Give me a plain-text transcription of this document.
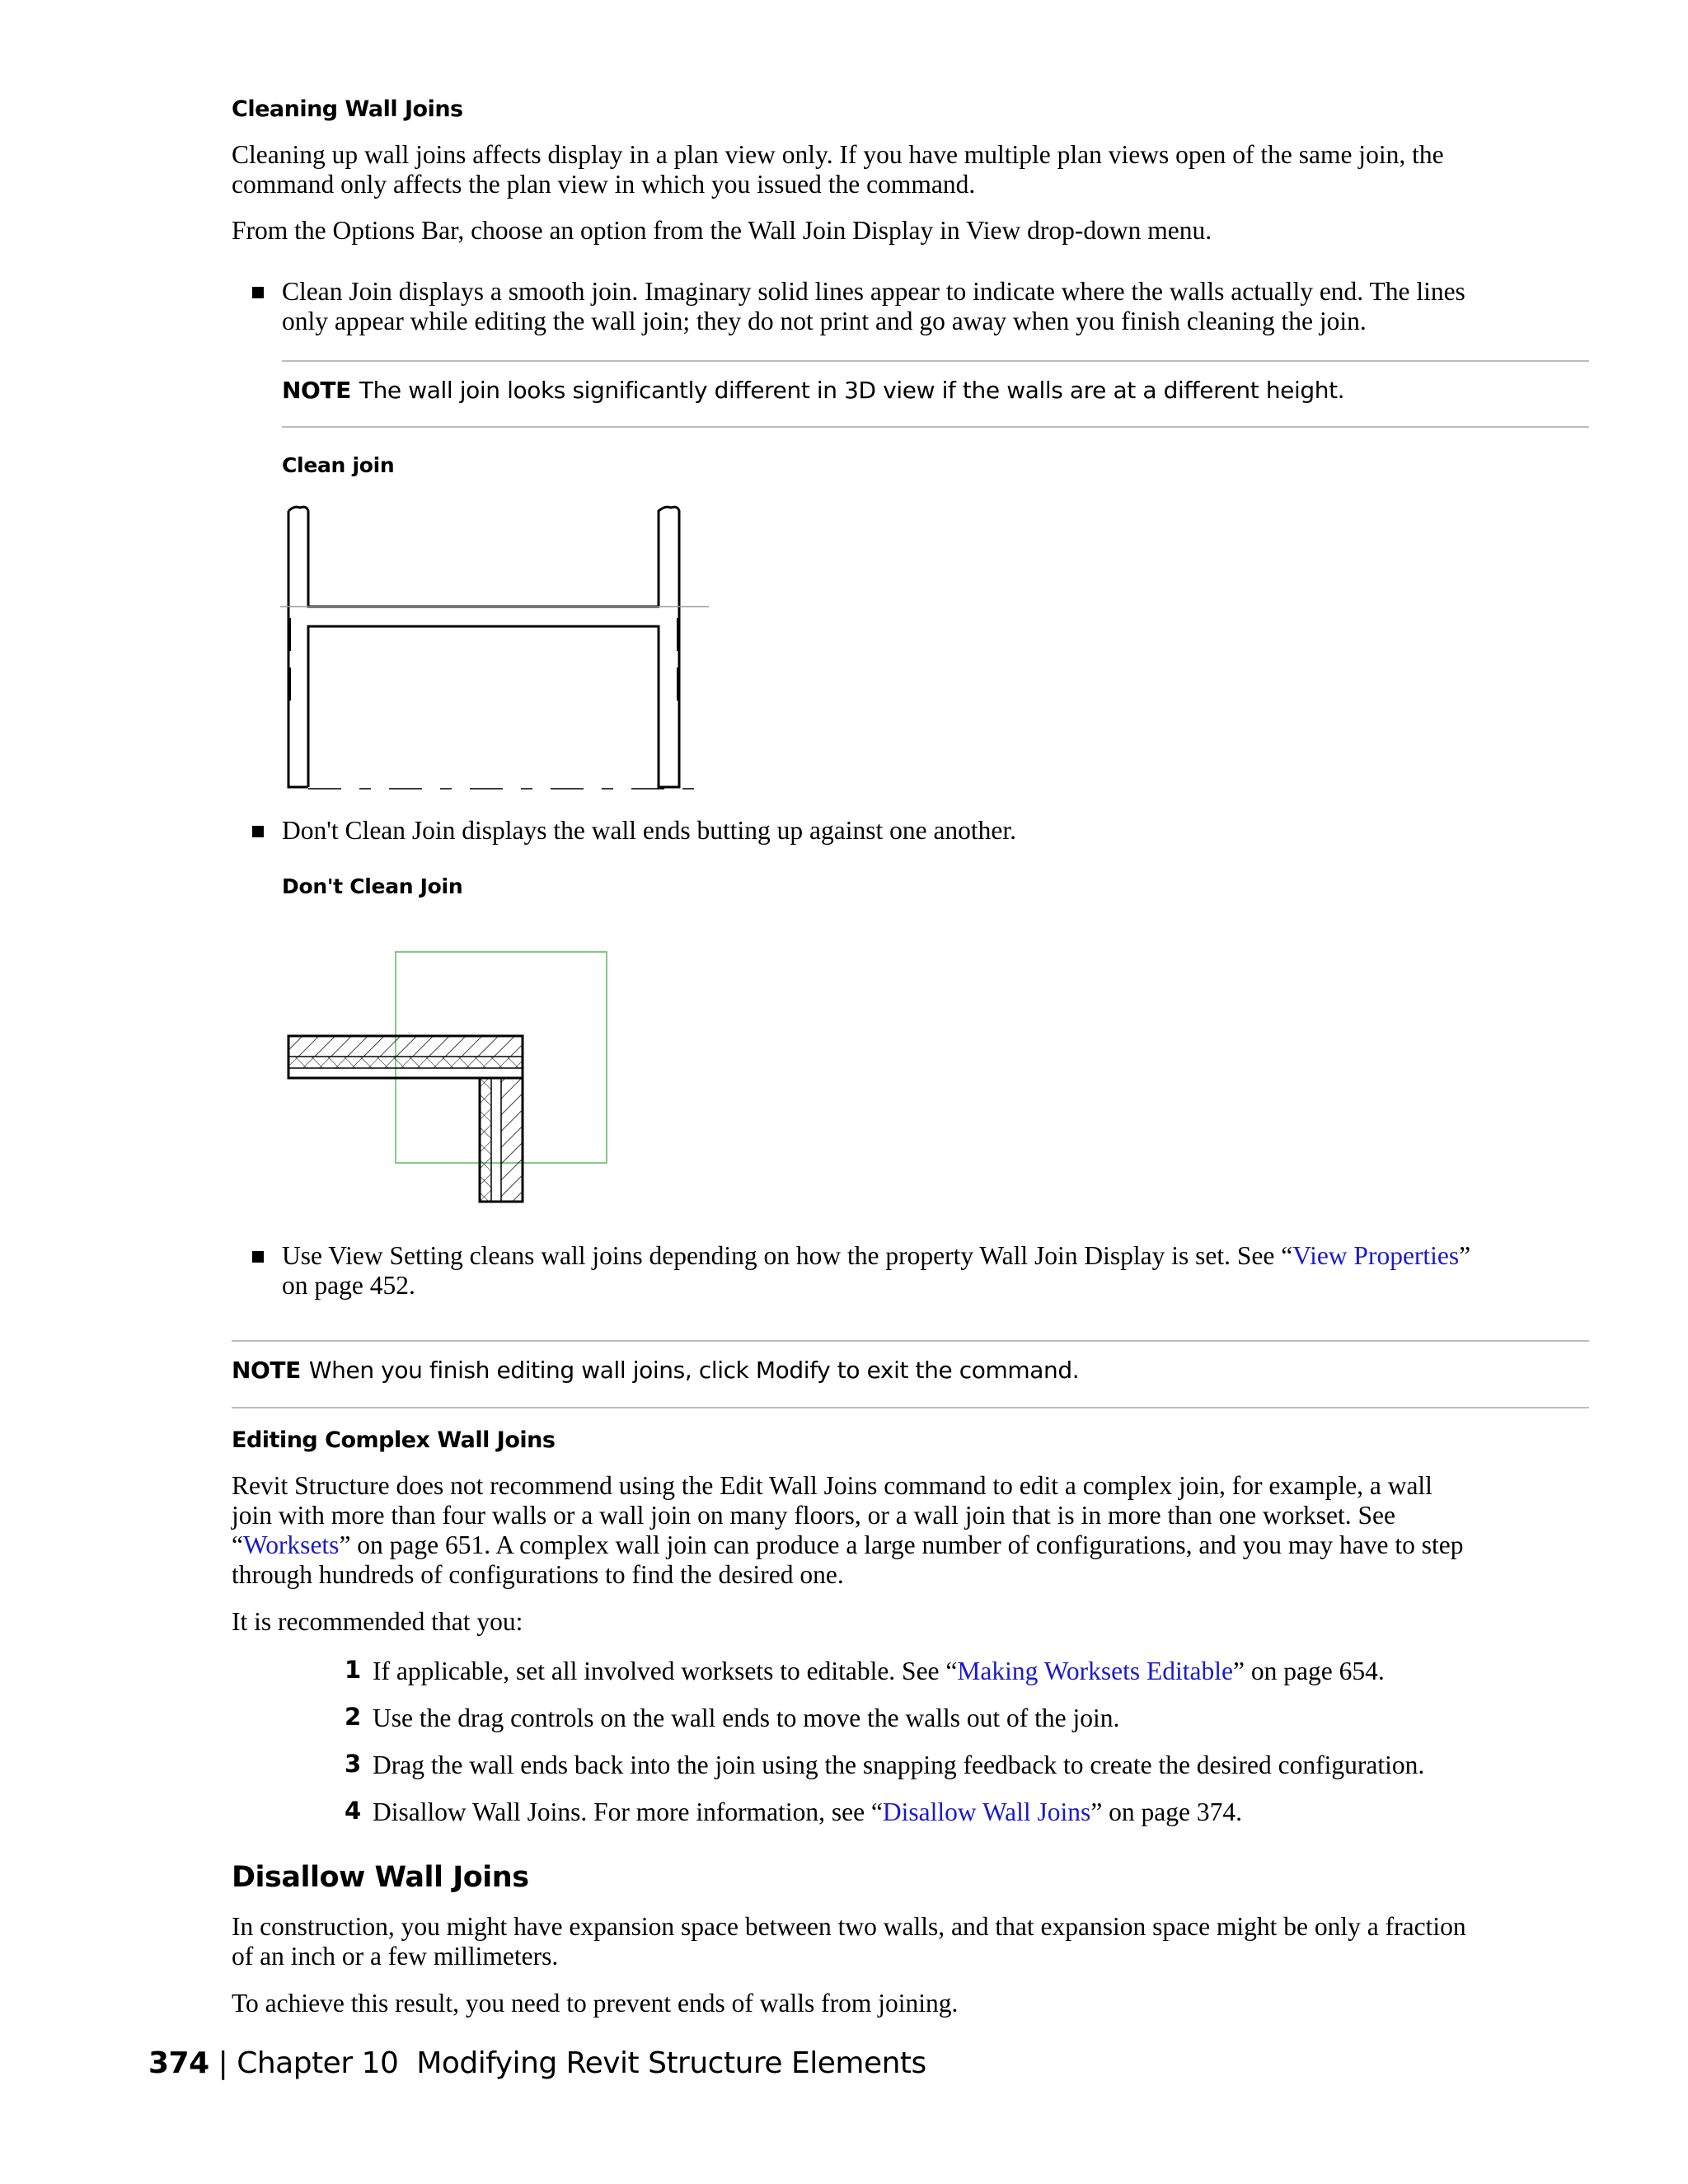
Cleaning Wall Joins
Cleaning up wall joins affects display in a plan view only. If you have multiple plan views open of the same join, the
command only affects the plan view in which you issued the command.
From the Options Bar, choose an option from the Wall Join Display in View drop-down menu.
Clean Join displays a smooth join. Imaginary solid lines appear to indicate where the walls actually end. The lines
only appear while editing the wall join; they do not print and go away when you finish cleaning the join.
NOTE The wall join looks significantly different in 3D view if the walls are at a different height.
Clean join
Don't Clean Join displays the wall ends butting up against one another.
Don't Clean Join
Use View Setting cleans wall joins depending on how the property Wall Join Display is set. See “View Properties”
on page 452.
NOTE When you finish editing wall joins, click Modify to exit the command.
Editing Complex Wall Joins
Revit Structure does not recommend using the Edit Wall Joins command to edit a complex join, for example, a wall
join with more than four walls or a wall join on many floors, or a wall join that is in more than one workset. See
“Worksets” on page 651. A complex wall join can produce a large number of configurations, and you may have to step
through hundreds of configurations to find the desired one.
It is recommended that you:
1 If applicable, set all involved worksets to editable. See “Making Worksets Editable” on page 654.
2 Use the drag controls on the wall ends to move the walls out of the join.
3 Drag the wall ends back into the join using the snapping feedback to create the desired configuration.
4 Disallow Wall Joins. For more information, see “Disallow Wall Joins” on page 374.
Disallow Wall Joins
In construction, you might have expansion space between two walls, and that expansion space might be only a fraction
of an inch or a few millimeters.
To achieve this result, you need to prevent ends of walls from joining.
374 | Chapter 10 Modifying Revit Structure Elements
